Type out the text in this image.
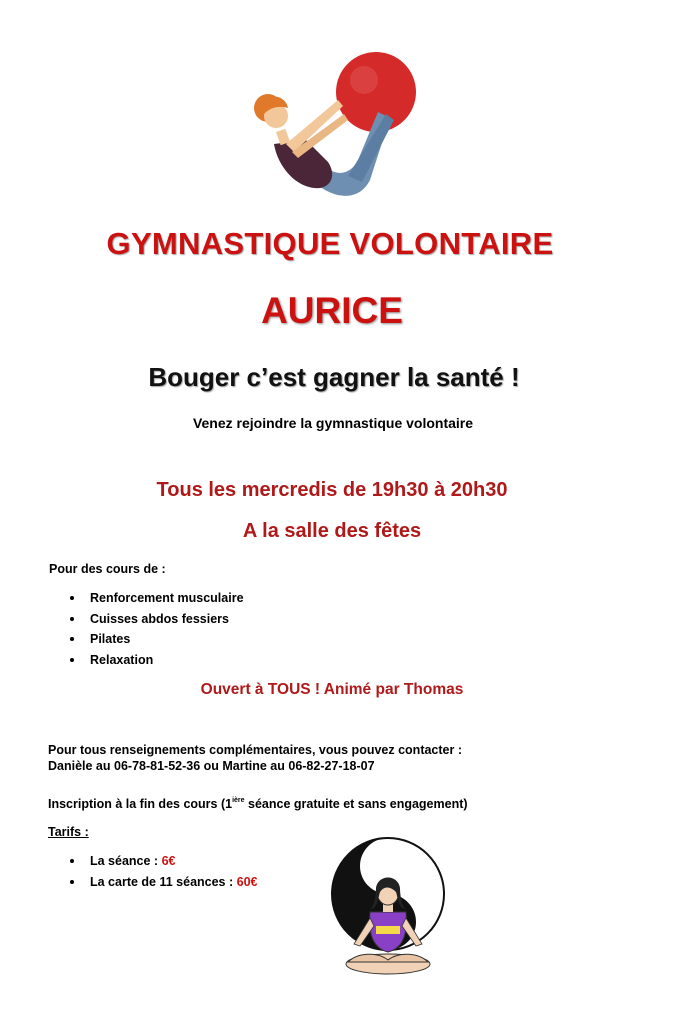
GYMNASTIQUE VOLONTAIRE
AURICE
Bouger c’est gagner la santé !
Venez rejoindre la gymnastique volontaire
Tous les mercredis de 19h30 à 20h30
A la salle des fêtes
Pour des cours de :
Renforcement musculaire
Cuisses abdos fessiers
Pilates
Relaxation
Ouvert à TOUS ! Animé par Thomas
Pour tous renseignements complémentaires, vous pouvez contacter :
Danièle au 06-78-81-52-36 ou Martine au 06-82-27-18-07
Inscription à la fin des cours ($1^{ière}$ séance gratuite et sans engagement)
Tarifs :
La séance : 6€
La carte de 11 séances : 60€
